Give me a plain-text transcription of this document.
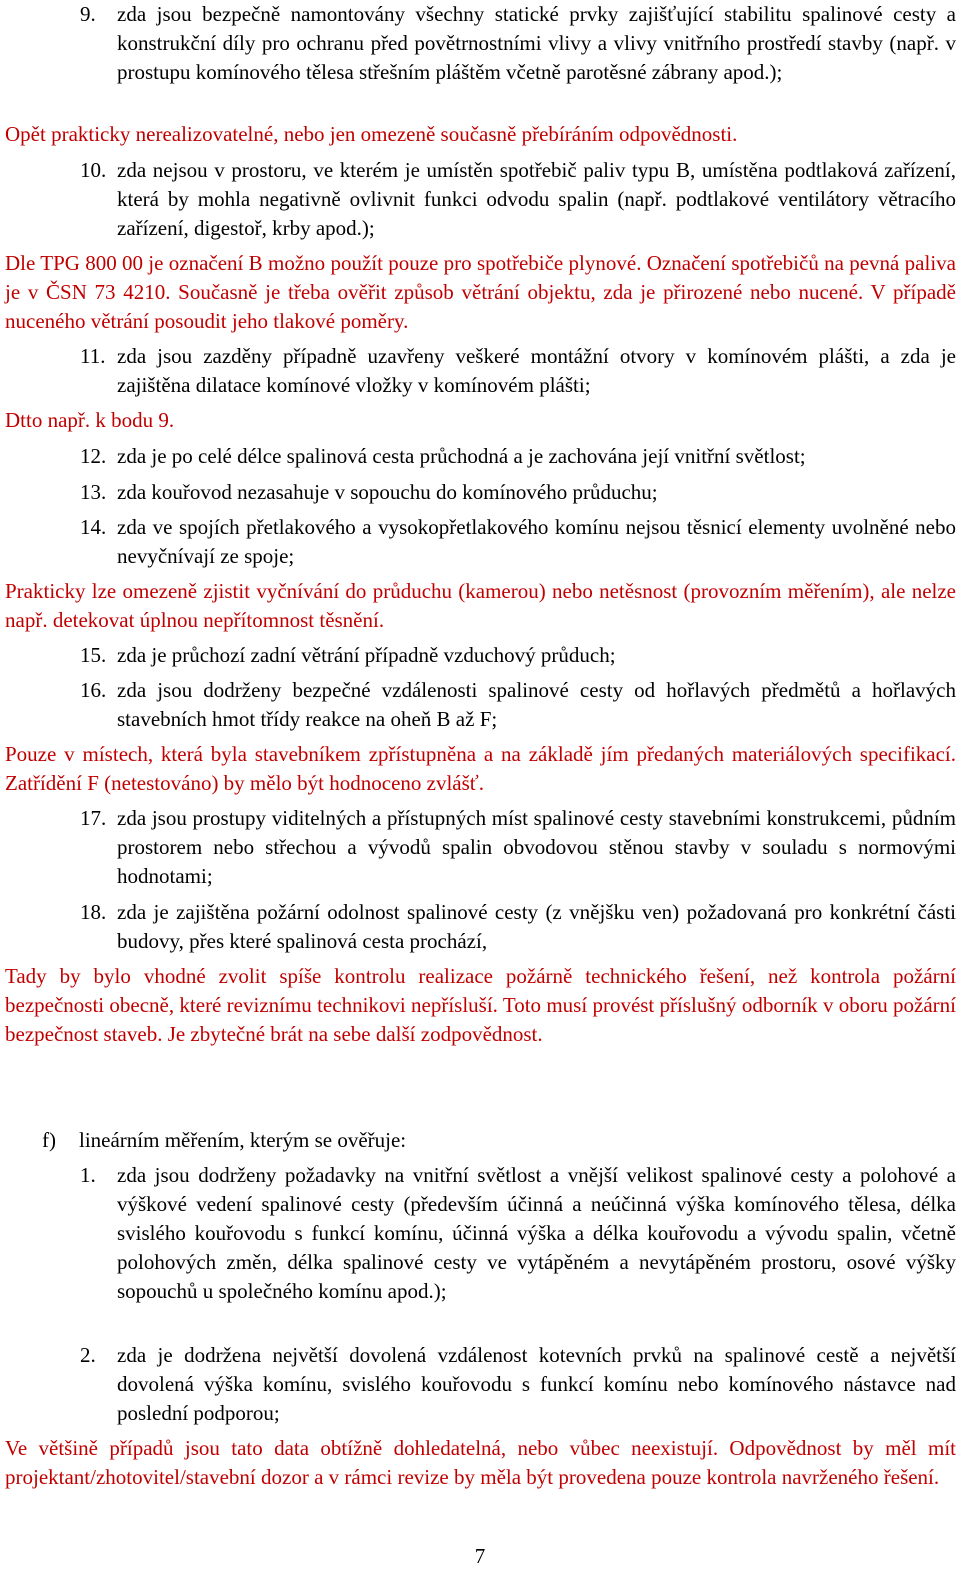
9.	zda jsou bezpečně namontovány všechny statické prvky zajišťující stabilitu spalinové cesty a konstrukční díly pro ochranu před povětrnostními vlivy a vlivy vnitřního prostředí stavby (např. v prostupu komínového tělesa střešním pláštěm včetně parotěsné zábrany apod.);
Opět prakticky nerealizovatelné, nebo jen omezeně současně přebíráním odpovědnosti.
10. zda nejsou v prostoru, ve kterém je umístěn spotřebič paliv typu B, umístěna podtlaková zařízení, která by mohla negativně ovlivnit funkci odvodu spalin (např. podtlakové ventilátory větracího zařízení, digestoř, krby apod.);
Dle TPG 800 00 je označení B možno použít pouze pro spotřebiče plynové. Označení spotřebičů na pevná paliva je v ČSN 73 4210. Současně je třeba ověřit způsob větrání objektu, zda je přirozené nebo nucené. V případě nuceného větrání posoudit jeho tlakové poměry.
11. zda jsou zazděny případně uzavřeny veškeré montážní otvory v komínovém plášti, a zda je zajištěna dilatace komínové vložky v komínovém plášti;
Dtto např. k bodu 9.
12. zda je po celé délce spalinová cesta průchodná a je zachována její vnitřní světlost;
13. zda kouřovod nezasahuje v sopouchu do komínového průduchu;
14. zda ve spojích přetlakového a vysokopřetlakového komínu nejsou těsnicí elementy uvolněné nebo nevyčnívají ze spoje;
Prakticky lze omezeně zjistit vyčnívání do průduchu (kamerou) nebo netěsnost (provozním měřením), ale nelze např. detekovat úplnou nepřítomnost těsnění.
15. zda je průchozí zadní větrání případně vzduchový průduch;
16. zda jsou dodrženy bezpečné vzdálenosti spalinové cesty od hořlavých předmětů a hořlavých stavebních hmot třídy reakce na oheň B až F;
Pouze v místech, která byla stavebníkem zpřístupněna a na základě jím předaných materiálových specifikací. Zatřídění F (netestováno) by mělo být hodnoceno zvlášť.
17. zda jsou prostupy viditelných a přístupných míst spalinové cesty stavebními konstrukcemi, půdním prostorem nebo střechou a vývodů spalin obvodovou stěnou stavby v souladu s normovými hodnotami;
18. zda je zajištěna požární odolnost spalinové cesty (z vnějšku ven) požadovaná pro konkrétní části budovy, přes které spalinová cesta prochází,
Tady by bylo vhodné zvolit spíše kontrolu realizace požárně technického řešení, než kontrola požární bezpečnosti obecně, které reviznímu technikovi nepřísluší. Toto musí provést příslušný odborník v oboru požární bezpečnost staveb. Je zbytečné brát na sebe další zodpovědnost.
f)	lineárním měřením, kterým se ověřuje:
1.	zda jsou dodrženy požadavky na vnitřní světlost a vnější velikost spalinové cesty a polohové a výškové vedení spalinové cesty (především účinná a neúčinná výška komínového tělesa, délka svislého kouřovodu s funkcí komínu, účinná výška a délka kouřovodu a vývodu spalin, včetně polohových změn, délka spalinové cesty ve vytápěném a nevytápěném prostoru, osové výšky sopouchů u společného komínu apod.);
2.	zda je dodržena největší dovolená vzdálenost kotevních prvků na spalinové cestě a největší dovolená výška komínu, svislého kouřovodu s funkcí komínu nebo komínového nástavce nad poslední podporou;
Ve většině případů jsou tato data obtížně dohledatelná, nebo vůbec neexistují. Odpovědnost by měl mít projektant/zhotovitel/stavební dozor a v rámci revize by měla být provedena pouze kontrola navrženého řešení.
7
